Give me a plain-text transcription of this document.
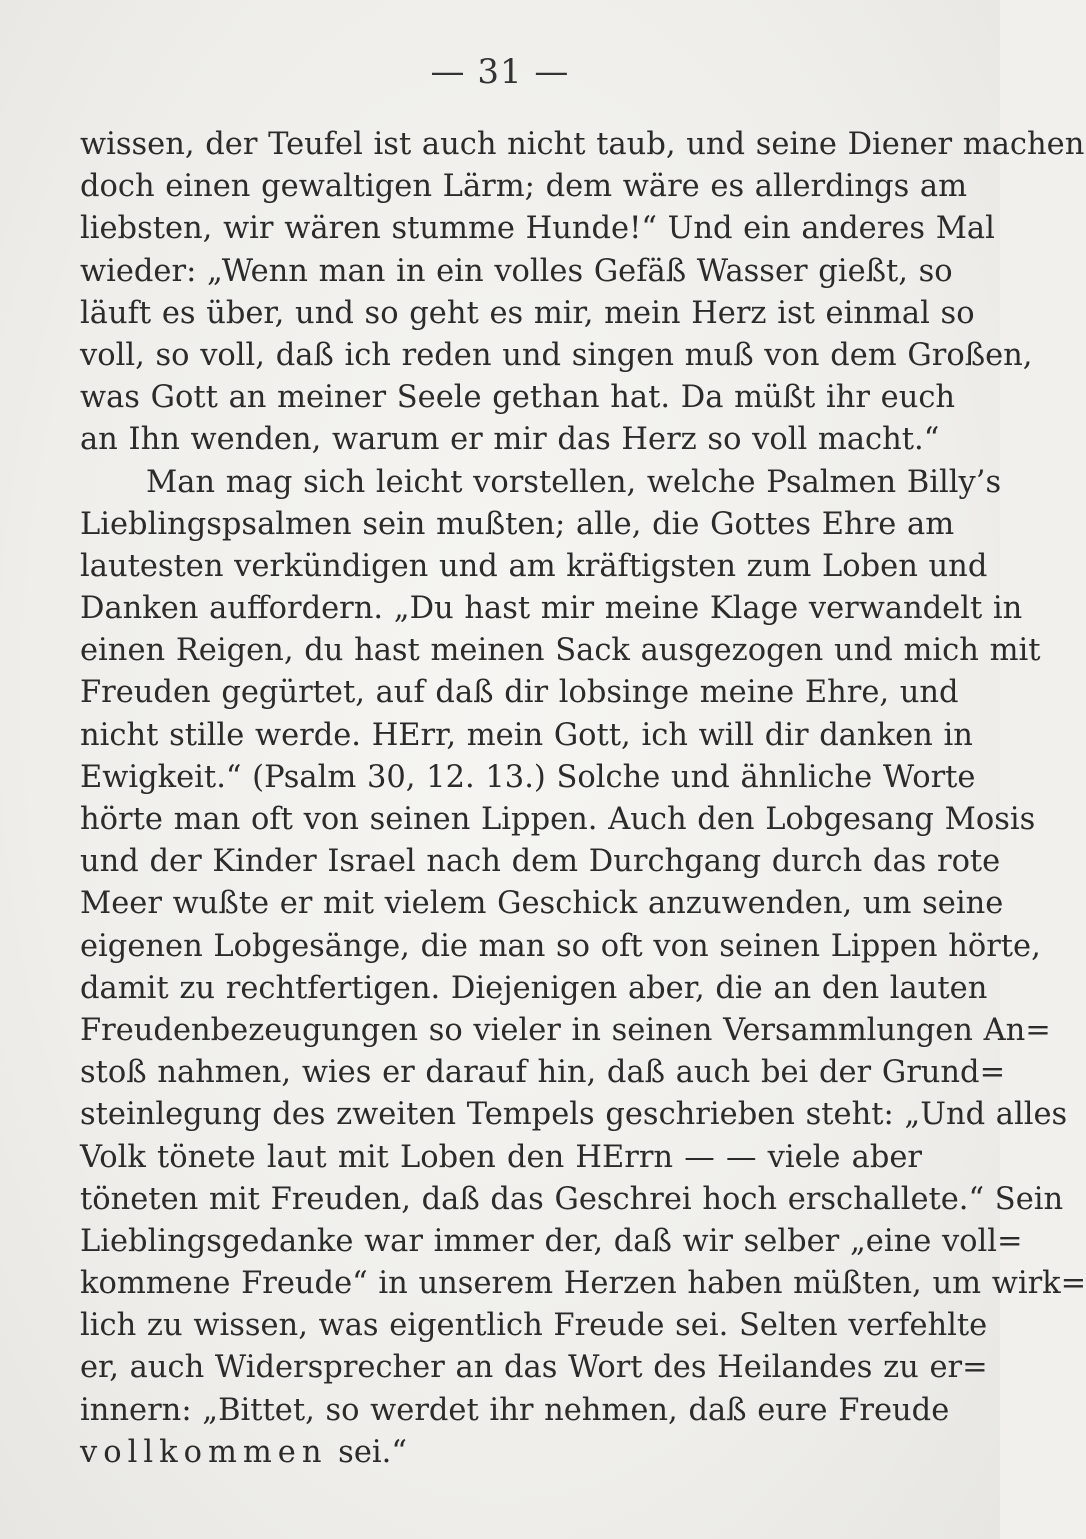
— 31 —
wissen, der Teufel ist auch nicht taub, und seine Diener machen
doch einen gewaltigen Lärm; dem wäre es allerdings am
liebsten, wir wären stumme Hunde!“ Und ein anderes Mal
wieder: „Wenn man in ein volles Gefäß Wasser gießt, so
läuft es über, und so geht es mir, mein Herz ist einmal so
voll, so voll, daß ich reden und singen muß von dem Großen,
was Gott an meiner Seele gethan hat. Da müßt ihr euch
an Ihn wenden, warum er mir das Herz so voll macht.“
Man mag sich leicht vorstellen, welche Psalmen Billy’s
Lieblingspsalmen sein mußten; alle, die Gottes Ehre am
lautesten verkündigen und am kräftigsten zum Loben und
Danken auffordern. „Du hast mir meine Klage verwandelt in
einen Reigen, du hast meinen Sack ausgezogen und mich mit
Freuden gegürtet, auf daß dir lobsinge meine Ehre, und
nicht stille werde. HErr, mein Gott, ich will dir danken in
Ewigkeit.“ (Psalm 30, 12. 13.) Solche und ähnliche Worte
hörte man oft von seinen Lippen. Auch den Lobgesang Mosis
und der Kinder Israel nach dem Durchgang durch das rote
Meer wußte er mit vielem Geschick anzuwenden, um seine
eigenen Lobgesänge, die man so oft von seinen Lippen hörte,
damit zu rechtfertigen. Diejenigen aber, die an den lauten
Freudenbezeugungen so vieler in seinen Versammlungen An=
stoß nahmen, wies er darauf hin, daß auch bei der Grund=
steinlegung des zweiten Tempels geschrieben steht: „Und alles
Volk tönete laut mit Loben den HErrn — — viele aber
töneten mit Freuden, daß das Geschrei hoch erschallete.“ Sein
Lieblingsgedanke war immer der, daß wir selber „eine voll=
kommene Freude“ in unserem Herzen haben müßten, um wirk=
lich zu wissen, was eigentlich Freude sei. Selten verfehlte
er, auch Widersprecher an das Wort des Heilandes zu er=
innern: „Bittet, so werdet ihr nehmen, daß eure Freude
vollkommen sei.“
